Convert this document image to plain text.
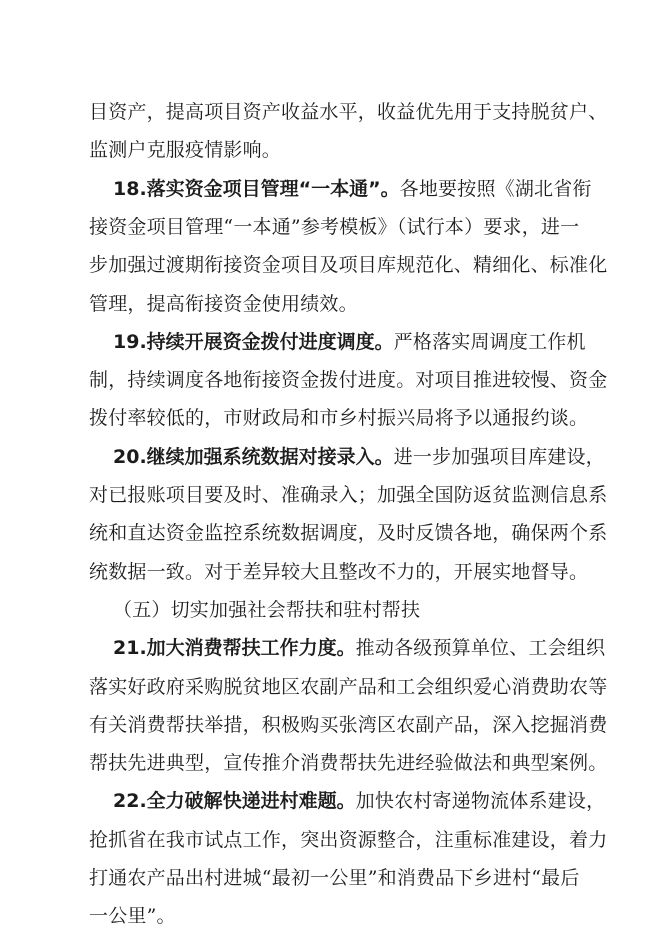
目资产，提高项目资产收益水平，收益优先用于支持脱贫户、
监测户克服疫情影响。
18.落实资金项目管理“一本通”。各地要按照《湖北省衔
接资金项目管理“一本通”参考模板》（试行本）要求，进一
步加强过渡期衔接资金项目及项目库规范化、精细化、标准化
管理，提高衔接资金使用绩效。
19.持续开展资金拨付进度调度。严格落实周调度工作机
制，持续调度各地衔接资金拨付进度。对项目推进较慢、资金
拨付率较低的，市财政局和市乡村振兴局将予以通报约谈。
20.继续加强系统数据对接录入。进一步加强项目库建设，
对已报账项目要及时、准确录入；加强全国防返贫监测信息系
统和直达资金监控系统数据调度，及时反馈各地，确保两个系
统数据一致。对于差异较大且整改不力的，开展实地督导。
（五）切实加强社会帮扶和驻村帮扶
21.加大消费帮扶工作力度。推动各级预算单位、工会组织
落实好政府采购脱贫地区农副产品和工会组织爱心消费助农等
有关消费帮扶举措，积极购买张湾区农副产品，深入挖掘消费
帮扶先进典型，宣传推介消费帮扶先进经验做法和典型案例。
22.全力破解快递进村难题。加快农村寄递物流体系建设，
抢抓省在我市试点工作，突出资源整合，注重标准建设，着力
打通农产品出村进城“最初一公里”和消费品下乡进村“最后
一公里”。
